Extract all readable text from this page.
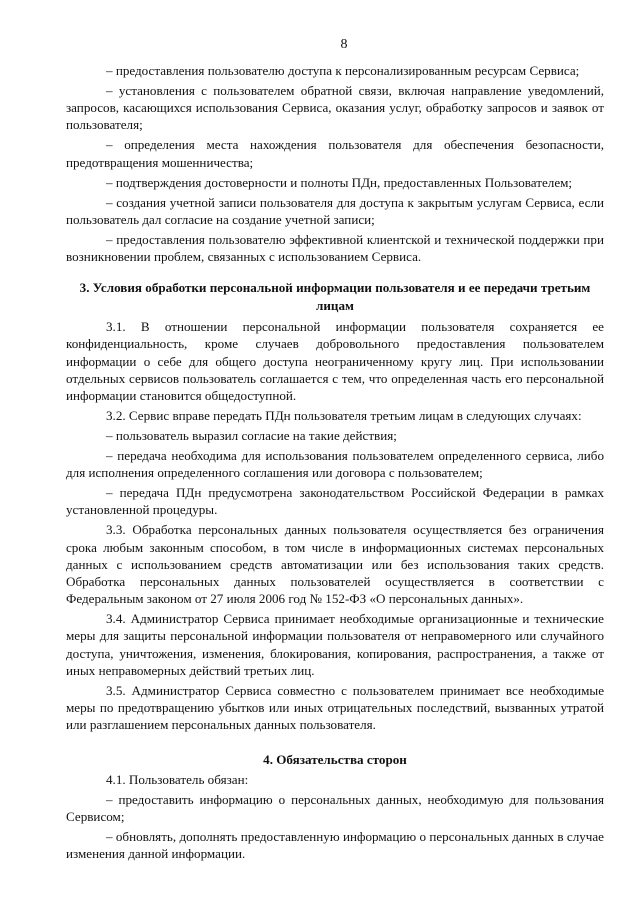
8

– предоставления пользователю доступа к персонализированным ресурсам Сервиса;

– установления с пользователем обратной связи, включая направление уведомлений, запросов, касающихся использования Сервиса, оказания услуг, обработку запросов и заявок от пользователя;

– определения места нахождения пользователя для обеспечения безопасности, предотвращения мошенничества;

– подтверждения достоверности и полноты ПДн, предоставленных Пользователем;

– создания учетной записи пользователя для доступа к закрытым услугам Сервиса, если пользователь дал согласие на создание учетной записи;

– предоставления пользователю эффективной клиентской и технической поддержки при возникновении проблем, связанных с использованием Сервиса.

3. Условия обработки персональной информации пользователя и ее передачи третьим лицам

3.1. В отношении персональной информации пользователя сохраняется ее конфиденциальность, кроме случаев добровольного предоставления пользователем информации о себе для общего доступа неограниченному кругу лиц. При использовании отдельных сервисов пользователь соглашается с тем, что определенная часть его персональной информации становится общедоступной.

3.2. Сервис вправе передать ПДн пользователя третьим лицам в следующих случаях:

– пользователь выразил согласие на такие действия;

– передача необходима для использования пользователем определенного сервиса, либо для исполнения определенного соглашения или договора с пользователем;

– передача ПДн предусмотрена законодательством Российской Федерации в рамках установленной процедуры.

3.3. Обработка персональных данных пользователя осуществляется без ограничения срока любым законным способом, в том числе в информационных системах персональных данных с использованием средств автоматизации или без использования таких средств. Обработка персональных данных пользователей осуществляется в соответствии с Федеральным законом от 27 июля 2006 год № 152-ФЗ «О персональных данных».

3.4. Администратор Сервиса принимает необходимые организационные и технические меры для защиты персональной информации пользователя от неправомерного или случайного доступа, уничтожения, изменения, блокирования, копирования, распространения, а также от иных неправомерных действий третьих лиц.

3.5. Администратор Сервиса совместно с пользователем принимает все необходимые меры по предотвращению убытков или иных отрицательных последствий, вызванных утратой или разглашением персональных данных пользователя.

4. Обязательства сторон

4.1. Пользователь обязан:

– предоставить информацию о персональных данных, необходимую для пользования Сервисом;

– обновлять, дополнять предоставленную информацию о персональных данных в случае изменения данной информации.
